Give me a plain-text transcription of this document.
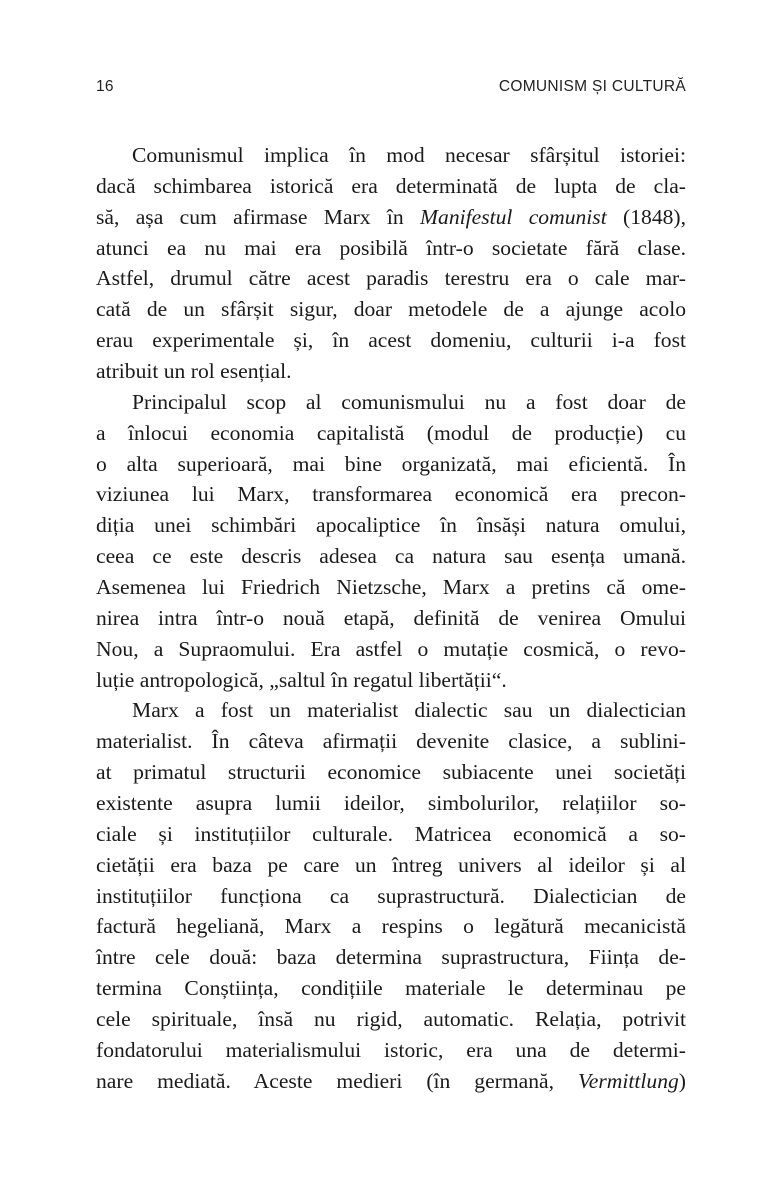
16	COMUNISM ȘI CULTURĂ
Comunismul implica în mod necesar sfârșitul istoriei:
dacă schimbarea istorică era determinată de lupta de cla-
să, așa cum afirmase Marx în Manifestul comunist (1848),
atunci ea nu mai era posibilă într-o societate fără clase.
Astfel, drumul către acest paradis terestru era o cale mar-
cată de un sfârșit sigur, doar metodele de a ajunge acolo
erau experimentale și, în acest domeniu, culturii i-a fost
atribuit un rol esențial.
Principalul scop al comunismului nu a fost doar de
a înlocui economia capitalistă (modul de producție) cu
o alta superioară, mai bine organizată, mai eficientă. În
viziunea lui Marx, transformarea economică era precon-
diția unei schimbări apocaliptice în însăși natura omului,
ceea ce este descris adesea ca natura sau esența umană.
Asemenea lui Friedrich Nietzsche, Marx a pretins că ome-
nirea intra într-o nouă etapă, definită de venirea Omului
Nou, a Supraomului. Era astfel o mutație cosmică, o revo-
luție antropologică, „saltul în regatul libertății“.
Marx a fost un materialist dialectic sau un dialectician
materialist. În câteva afirmații devenite clasice, a sublini-
at primatul structurii economice subiacente unei societăți
existente asupra lumii ideilor, simbolurilor, relațiilor so-
ciale și instituțiilor culturale. Matricea economică a so-
cietății era baza pe care un întreg univers al ideilor și al
instituțiilor funcționa ca suprastructură. Dialectician de
factură hegeliană, Marx a respins o legătură mecanicistă
între cele două: baza determina suprastructura, Ființa de-
termina Conștiința, condițiile materiale le determinau pe
cele spirituale, însă nu rigid, automatic. Relația, potrivit
fondatorului materialismului istoric, era una de determi-
nare mediată. Aceste medieri (în germană, Vermittlung)
